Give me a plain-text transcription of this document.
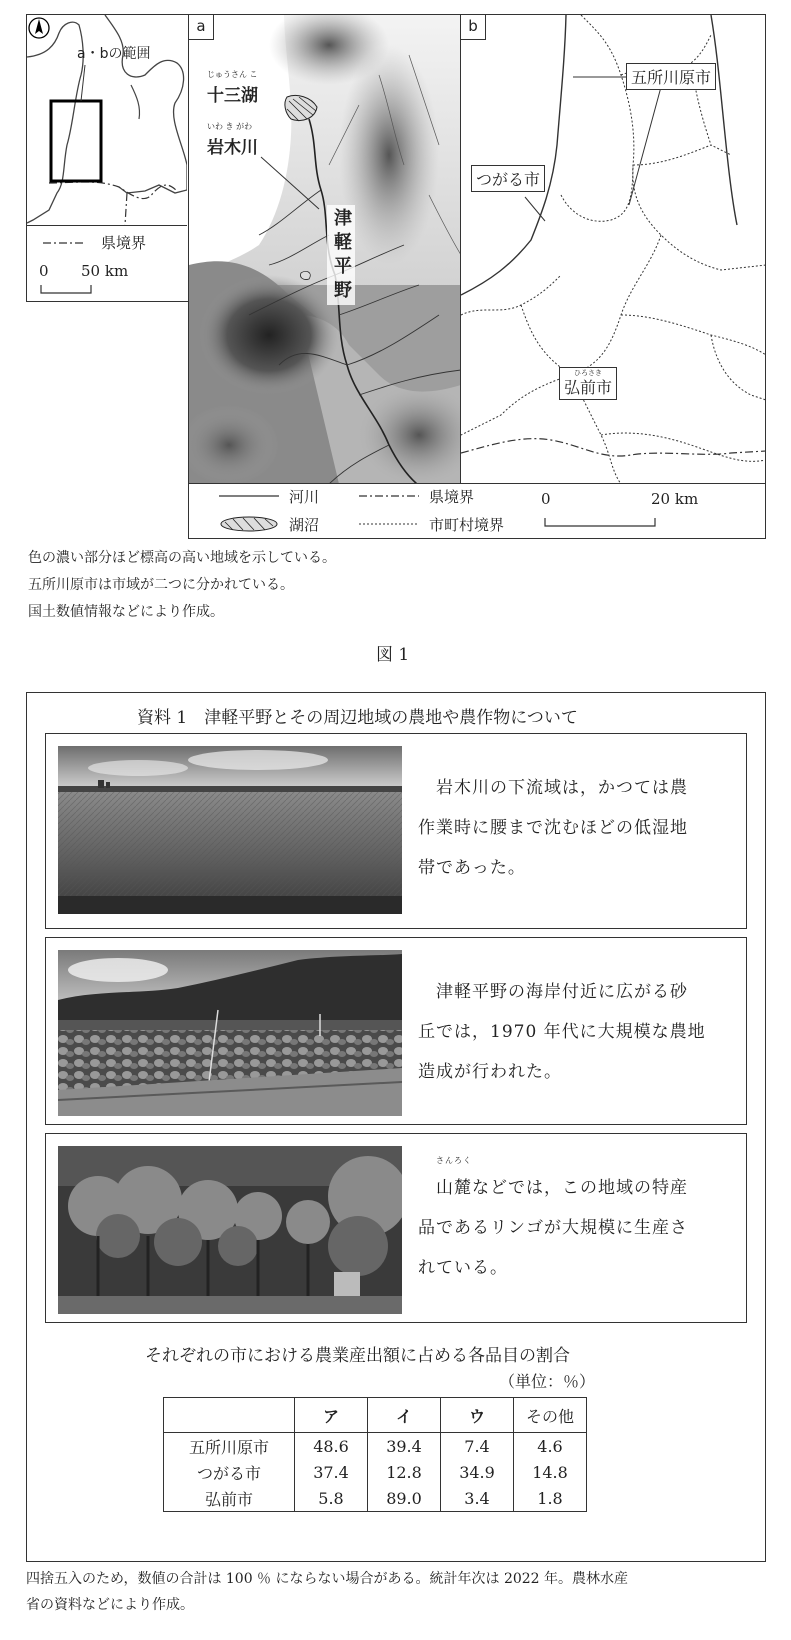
a・bの範囲
県境界
0 50 km
a
じゅうさん こ
十三湖
いわ き がわ
岩木川
津
軽
平
野
b
五所川原市
つがる市
ひろさき
弘前市
河川
湖沼
県境界
市町村境界
0	20 km
色の濃い部分ほど標高の高い地域を示している。
五所川原市は市域が二つに分かれている。
国土数値情報などにより作成。
図 1
資料 1　津軽平野とその周辺地域の農地や農作物について
　岩木川の下流域は，かつては農
作業時に腰まで沈むほどの低湿地
帯であった。
　津軽平野の海岸付近に広がる砂
丘では，1970 年代に大規模な農地
造成が行われた。
さんろく
　山麓などでは，この地域の特産
品であるリンゴが大規模に生産さ
れている。
それぞれの市における農業産出額に占める各品目の割合
（単位：％）
	ア	イ	ウ	その他
五所川原市	48.6	39.4	7.4	4.6
つがる市	37.4	12.8	34.9	14.8
弘前市	5.8	89.0	3.4	1.8
四捨五入のため，数値の合計は 100 ％ にならない場合がある。統計年次は 2022 年。農林水産
省の資料などにより作成。
